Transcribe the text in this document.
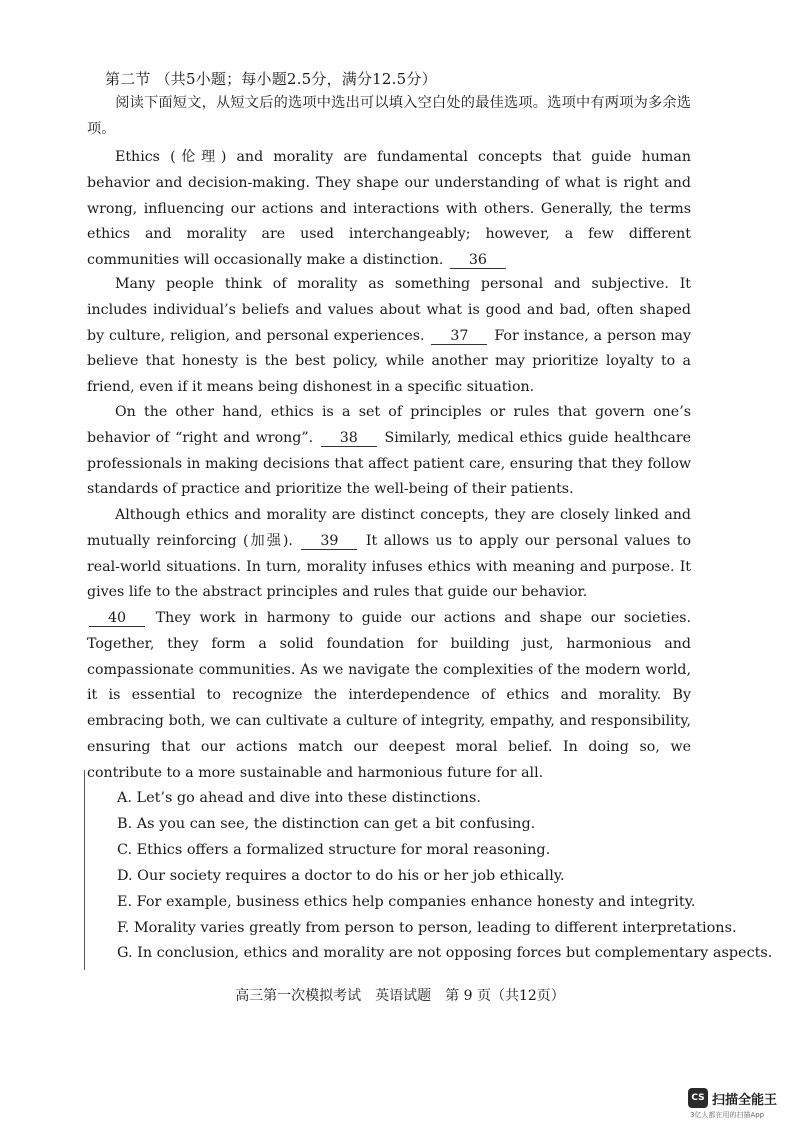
第二节 （共5小题；每小题2.5分，满分12.5分）
阅读下面短文，从短文后的选项中选出可以填入空白处的最佳选项。选项中有两项为多余选项。
Ethics (伦理) and morality are fundamental concepts that guide human behavior and decision-making. They shape our understanding of what is right and wrong, influencing our actions and interactions with others. Generally, the terms ethics and morality are used interchangeably; however, a few different communities will occasionally make a distinction. 36
Many people think of morality as something personal and subjective. It includes individual’s beliefs and values about what is good and bad, often shaped by culture, religion, and personal experiences. 37 For instance, a person may believe that honesty is the best policy, while another may prioritize loyalty to a friend, even if it means being dishonest in a specific situation.
On the other hand, ethics is a set of principles or rules that govern one’s behavior of “right and wrong”. 38 Similarly, medical ethics guide healthcare professionals in making decisions that affect patient care, ensuring that they follow standards of practice and prioritize the well-being of their patients.
Although ethics and morality are distinct concepts, they are closely linked and mutually reinforcing (加强). 39 It allows us to apply our personal values to real-world situations. In turn, morality infuses ethics with meaning and purpose. It gives life to the abstract principles and rules that guide our behavior.
40 They work in harmony to guide our actions and shape our societies. Together, they form a solid foundation for building just, harmonious and compassionate communities. As we navigate the complexities of the modern world, it is essential to recognize the interdependence of ethics and morality. By embracing both, we can cultivate a culture of integrity, empathy, and responsibility, ensuring that our actions match our deepest moral belief. In doing so, we contribute to a more sustainable and harmonious future for all.
A. Let’s go ahead and dive into these distinctions.
B. As you can see, the distinction can get a bit confusing.
C. Ethics offers a formalized structure for moral reasoning.
D. Our society requires a doctor to do his or her job ethically.
E. For example, business ethics help companies enhance honesty and integrity.
F. Morality varies greatly from person to person, leading to different interpretations.
G. In conclusion, ethics and morality are not opposing forces but complementary aspects.
高三第一次模拟考试　英语试题　第 9 页（共12页）
CS 扫描全能王
3亿人都在用的扫描App
